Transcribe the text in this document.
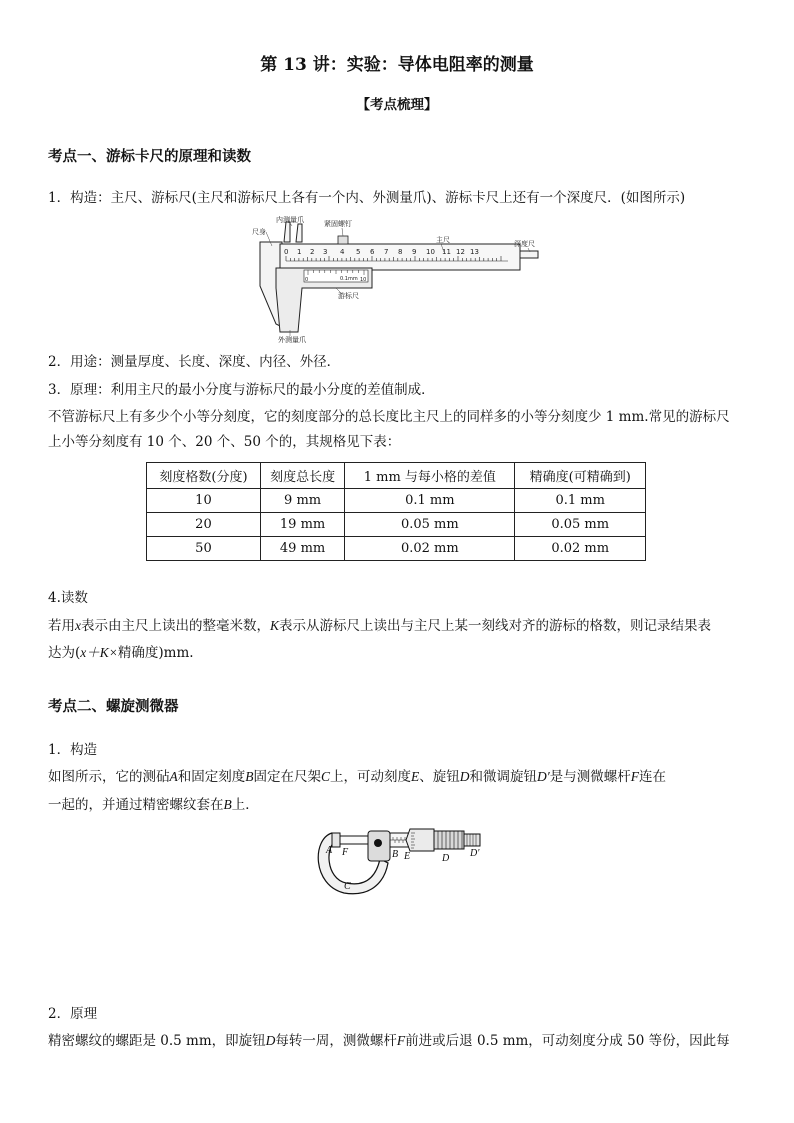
第 13 讲：实验：导体电阻率的测量
【考点梳理】
考点一、游标卡尺的原理和读数
1．构造：主尺、游标尺(主尺和游标尺上各有一个内、外测量爪)、游标卡尺上还有一个深度尺．(如图所示)
0 1 2 3 4 5 6 7 8 9 10 11 12 13
0	10
0.1mm
尺身
内测量爪	紧固螺钉
主尺	深度尺
游标尺
外测量爪
2．用途：测量厚度、长度、深度、内径、外径．
3．原理：利用主尺的最小分度与游标尺的最小分度的差值制成．
不管游标尺上有多少个小等分刻度，它的刻度部分的总长度比主尺上的同样多的小等分刻度少 1 mm.常见的游标尺
上小等分刻度有 10 个、20 个、50 个的，其规格见下表：
刻度格数(分度)	刻度总长度	1 mm 与每小格的差值	精确度(可精确到)
10	9 mm	0.1 mm	0.1 mm
20	19 mm	0.05 mm	0.05 mm
50	49 mm	0.02 mm	0.02 mm
4.读数
若用x表示由主尺上读出的整毫米数，K表示从游标尺上读出与主尺上某一刻线对齐的游标的格数，则记录结果表
达为(x＋K×精确度)mm.
考点二、螺旋测微器
1．构造
如图所示，它的测砧A和固定刻度B固定在尺架C上，可动刻度E、旋钮D和微调旋钮D′是与测微螺杆F连在
一起的，并通过精密螺纹套在B上．
A F	B E	D D′
C
2．原理
精密螺纹的螺距是 0.5 mm，即旋钮D每转一周，测微螺杆F前进或后退 0.5 mm，可动刻度分成 50 等份，因此每
